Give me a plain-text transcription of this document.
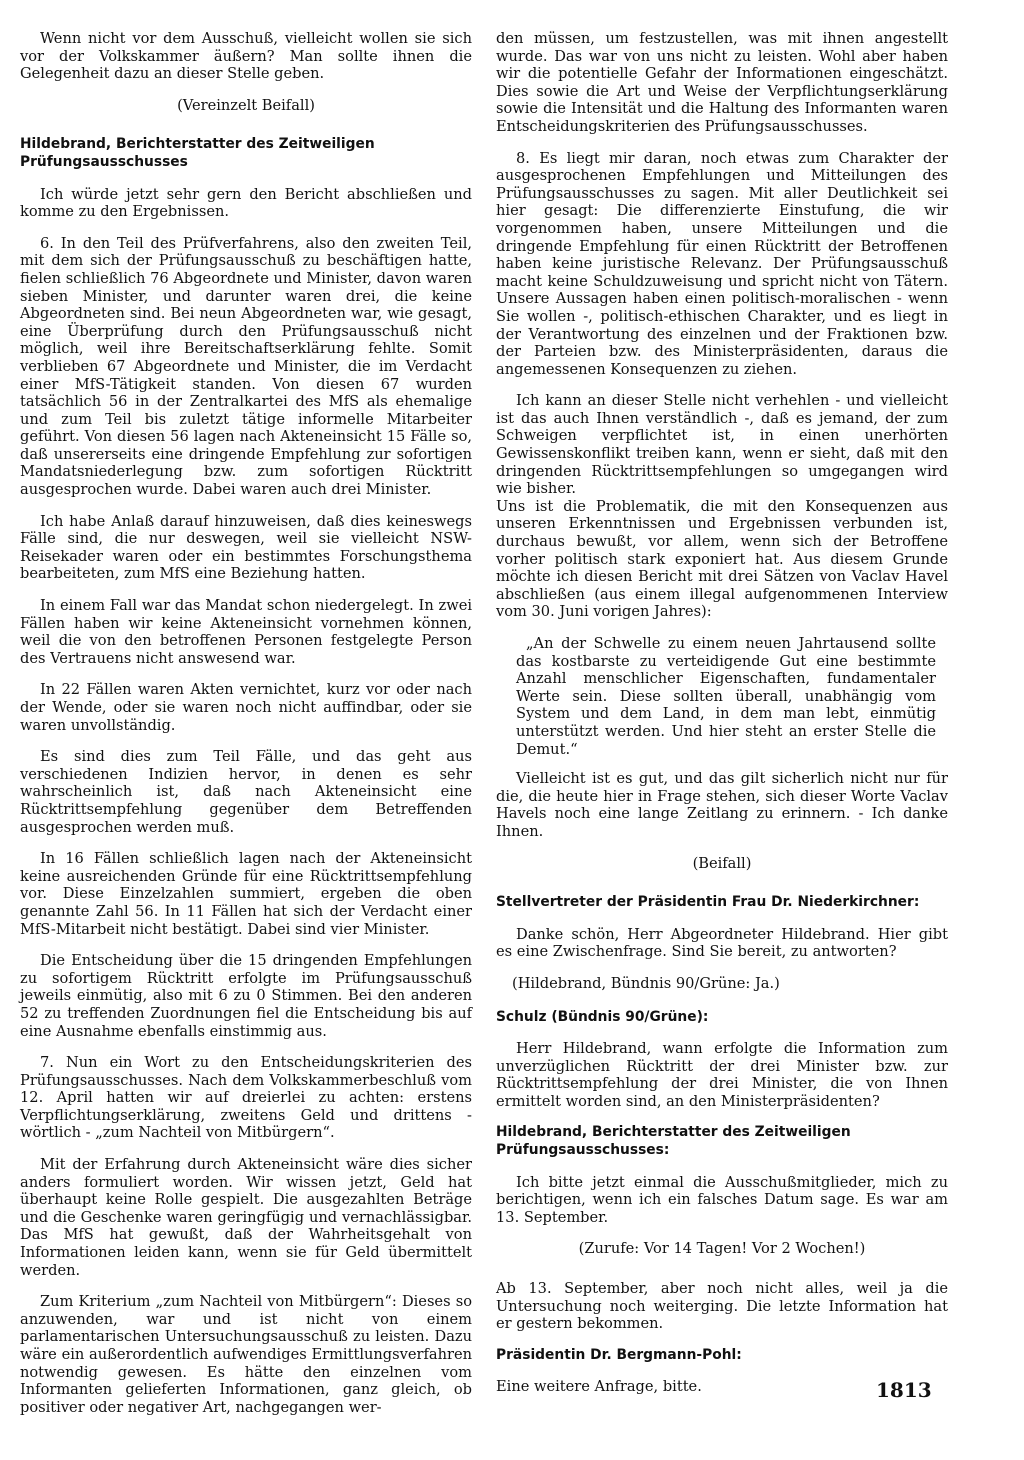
Wenn nicht vor dem Ausschuß, vielleicht wollen sie sich vor der Volkskammer äußern? Man sollte ihnen die Gelegenheit dazu an dieser Stelle geben.

(Vereinzelt Beifall)

Hildebrand, Berichterstatter des Zeitweiligen Prüfungsausschusses

Ich würde jetzt sehr gern den Bericht abschließen und komme zu den Ergebnissen.

6. In den Teil des Prüfverfahrens, also den zweiten Teil, mit dem sich der Prüfungsausschuß zu beschäftigen hatte, fielen schließlich 76 Abgeordnete und Minister, davon waren sieben Minister, und darunter waren drei, die keine Abgeordneten sind. Bei neun Abgeordneten war, wie gesagt, eine Überprüfung durch den Prüfungsausschuß nicht möglich, weil ihre Bereitschaftserklärung fehlte. Somit verblieben 67 Abgeordnete und Minister, die im Verdacht einer MfS-Tätigkeit standen. Von diesen 67 wurden tatsächlich 56 in der Zentralkartei des MfS als ehemalige und zum Teil bis zuletzt tätige informelle Mitarbeiter geführt. Von diesen 56 lagen nach Akteneinsicht 15 Fälle so, daß unsererseits eine dringende Empfehlung zur sofortigen Mandatsniederlegung bzw. zum sofortigen Rücktritt ausgesprochen wurde. Dabei waren auch drei Minister.

Ich habe Anlaß darauf hinzuweisen, daß dies keineswegs Fälle sind, die nur deswegen, weil sie vielleicht NSW-Reisekader waren oder ein bestimmtes Forschungsthema bearbeiteten, zum MfS eine Beziehung hatten.

In einem Fall war das Mandat schon niedergelegt. In zwei Fällen haben wir keine Akteneinsicht vornehmen können, weil die von den betroffenen Personen festgelegte Person des Vertrauens nicht answesend war.

In 22 Fällen waren Akten vernichtet, kurz vor oder nach der Wende, oder sie waren noch nicht auffindbar, oder sie waren unvollständig.

Es sind dies zum Teil Fälle, und das geht aus verschiedenen Indizien hervor, in denen es sehr wahrscheinlich ist, daß nach Akteneinsicht eine Rücktrittsempfehlung gegenüber dem Betreffenden ausgesprochen werden muß.

In 16 Fällen schließlich lagen nach der Akteneinsicht keine ausreichenden Gründe für eine Rücktrittsempfehlung vor. Diese Einzelzahlen summiert, ergeben die oben genannte Zahl 56. In 11 Fällen hat sich der Verdacht einer MfS-Mitarbeit nicht bestätigt. Dabei sind vier Minister.

Die Entscheidung über die 15 dringenden Empfehlungen zu sofortigem Rücktritt erfolgte im Prüfungsausschuß jeweils einmütig, also mit 6 zu 0 Stimmen. Bei den anderen 52 zu treffenden Zuordnungen fiel die Entscheidung bis auf eine Ausnahme ebenfalls einstimmig aus.

7. Nun ein Wort zu den Entscheidungskriterien des Prüfungsausschusses. Nach dem Volkskammerbeschluß vom 12. April hatten wir auf dreierlei zu achten: erstens Verpflichtungserklärung, zweitens Geld und drittens - wörtlich - „zum Nachteil von Mitbürgern“.

Mit der Erfahrung durch Akteneinsicht wäre dies sicher anders formuliert worden. Wir wissen jetzt, Geld hat überhaupt keine Rolle gespielt. Die ausgezahlten Beträge und die Geschenke waren geringfügig und vernachlässigbar. Das MfS hat gewußt, daß der Wahrheitsgehalt von Informationen leiden kann, wenn sie für Geld übermittelt werden.

Zum Kriterium „zum Nachteil von Mitbürgern“: Dieses so anzuwenden, war und ist nicht von einem parlamentarischen Untersuchungsausschuß zu leisten. Dazu wäre ein außerordentlich aufwendiges Ermittlungsverfahren notwendig gewesen. Es hätte den einzelnen vom Informanten gelieferten Informationen, ganz gleich, ob positiver oder negativer Art, nachgegangen wer-

den müssen, um festzustellen, was mit ihnen angestellt wurde. Das war von uns nicht zu leisten. Wohl aber haben wir die potentielle Gefahr der Informationen eingeschätzt. Dies sowie die Art und Weise der Verpflichtungserklärung sowie die Intensität und die Haltung des Informanten waren Entscheidungskriterien des Prüfungsausschusses.

8. Es liegt mir daran, noch etwas zum Charakter der ausgesprochenen Empfehlungen und Mitteilungen des Prüfungsausschusses zu sagen. Mit aller Deutlichkeit sei hier gesagt: Die differenzierte Einstufung, die wir vorgenommen haben, unsere Mitteilungen und die dringende Empfehlung für einen Rücktritt der Betroffenen haben keine juristische Relevanz. Der Prüfungsausschuß macht keine Schuldzuweisung und spricht nicht von Tätern. Unsere Aussagen haben einen politisch-moralischen - wenn Sie wollen -, politisch-ethischen Charakter, und es liegt in der Verantwortung des einzelnen und der Fraktionen bzw. der Parteien bzw. des Ministerpräsidenten, daraus die angemessenen Konsequenzen zu ziehen.

Ich kann an dieser Stelle nicht verhehlen - und vielleicht ist das auch Ihnen verständlich -, daß es jemand, der zum Schweigen verpflichtet ist, in einen unerhörten Gewissenskonflikt treiben kann, wenn er sieht, daß mit den dringenden Rücktrittsempfehlungen so umgegangen wird wie bisher.

Uns ist die Problematik, die mit den Konsequenzen aus unseren Erkenntnissen und Ergebnissen verbunden ist, durchaus bewußt, vor allem, wenn sich der Betroffene vorher politisch stark exponiert hat. Aus diesem Grunde möchte ich diesen Bericht mit drei Sätzen von Vaclav Havel abschließen (aus einem illegal aufgenommenen Interview vom 30. Juni vorigen Jahres):

„An der Schwelle zu einem neuen Jahrtausend sollte das kostbarste zu verteidigende Gut eine bestimmte Anzahl menschlicher Eigenschaften, fundamentaler Werte sein. Diese sollten überall, unabhängig vom System und dem Land, in dem man lebt, einmütig unterstützt werden. Und hier steht an erster Stelle die Demut.“

Vielleicht ist es gut, und das gilt sicherlich nicht nur für die, die heute hier in Frage stehen, sich dieser Worte Vaclav Havels noch eine lange Zeitlang zu erinnern. - Ich danke Ihnen.

(Beifall)

Stellvertreter der Präsidentin Frau Dr. Niederkirchner:

Danke schön, Herr Abgeordneter Hildebrand. Hier gibt es eine Zwischenfrage. Sind Sie bereit, zu antworten?

(Hildebrand, Bündnis 90/Grüne: Ja.)

Schulz (Bündnis 90/Grüne):

Herr Hildebrand, wann erfolgte die Information zum unverzüglichen Rücktritt der drei Minister bzw. zur Rücktrittsempfehlung der drei Minister, die von Ihnen ermittelt worden sind, an den Ministerpräsidenten?

Hildebrand, Berichterstatter des Zeitweiligen Prüfungsausschusses:

Ich bitte jetzt einmal die Ausschußmitglieder, mich zu berichtigen, wenn ich ein falsches Datum sage. Es war am 13. September.

(Zurufe: Vor 14 Tagen! Vor 2 Wochen!)

Ab 13. September, aber noch nicht alles, weil ja die Untersuchung noch weiterging. Die letzte Information hat er gestern bekommen.

Präsidentin Dr. Bergmann-Pohl:

Eine weitere Anfrage, bitte.	1813
